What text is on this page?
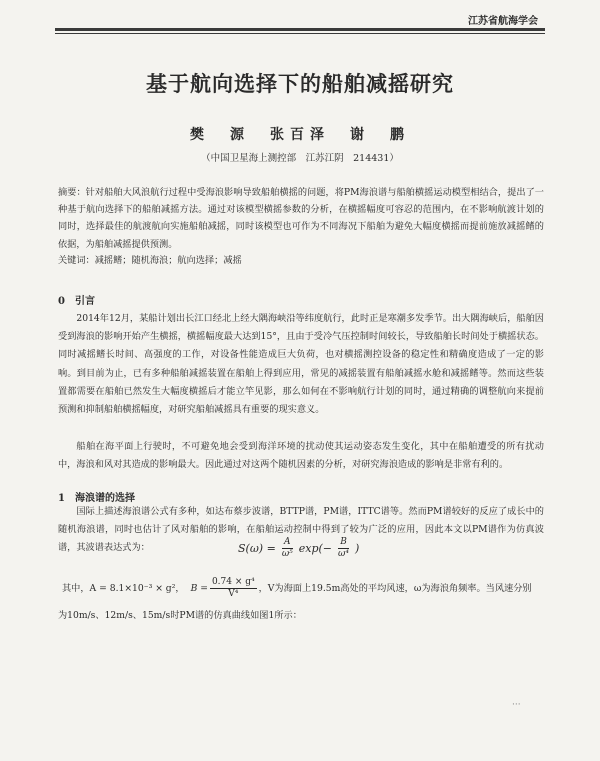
江苏省航海学会
基于航向选择下的船舶减摇研究
樊　源　张百泽　谢　鹏
（中国卫星海上测控部　江苏江阴　214431）
摘要：针对船舶大风浪航行过程中受海浪影响导致船舶横摇的问题，将PM海浪谱与船舶横摇运动模型相结合，提出了一种基于航向选择下的船舶减摇方法。通过对该模型横摇参数的分析，在横摇幅度可容忍的范围内，在不影响航渡计划的同时，选择最佳的航渡航向实施船舶减摇，同时该模型也可作为不同海况下船舶为避免大幅度横摇而提前施放减摇鳍的依据，为船舶减摇提供预测。
关键词：减摇鳍；随机海浪；航向选择；减摇
0　引言
2014年12月，某船计划出长江口经北上经大隅海峡沿等纬度航行，此时正是寒潮多发季节。出大隅海峡后，船舶因受到海浪的影响开始产生横摇，横摇幅度最大达到15°，且由于受冷气压控制时间较长，导致船舶长时间处于横摇状态。同时减摇鳍长时间、高强度的工作，对设备性能造成巨大负荷，也对横摇测控设备的稳定性和精确度造成了一定的影响。到目前为止，已有多种船舶减摇装置在船舶上得到应用，常见的减摇装置有船舶减摇水舱和减摇鳍等。然而这些装置都需要在船舶已然发生大幅度横摇后才能立竿见影，那么如何在不影响航行计划的同时，通过精确的调整航向来提前预测和抑制船舶横摇幅度，对研究船舶减摇具有重要的现实意义。
船舶在海平面上行驶时，不可避免地会受到海洋环境的扰动使其运动姿态发生变化，其中在船舶遭受的所有扰动中，海浪和风对其造成的影响最大。因此通过对这两个随机因素的分析，对研究海浪造成的影响是非常有利的。
1　海浪谱的选择
国际上描述海浪谱公式有多种，如达布蔡步波谱，BTTP谱，PM谱，ITTC谱等。然而PM谱较好的反应了成长中的随机海浪谱，同时也估计了风对船舶的影响，在船舶运动控制中得到了较为广泛的应用，因此本文以PM谱作为仿真波谱，其波谱表达式为：	$S(\omega) = \frac{A}{\text{ω⁵}} \exp(- \frac{B}{\text{ω⁴}}$ )
其中，A = 8.1×10⁻³ × g²， $B = \frac{\text{0.74 × g⁴}}{\text{V⁴}}$ ，V为海面上19.5m高处的平均风速，ω为海浪角频率。当风速分别
为10m/s、12m/s、15m/s时PM谱的仿真曲线如图1所示：
···
